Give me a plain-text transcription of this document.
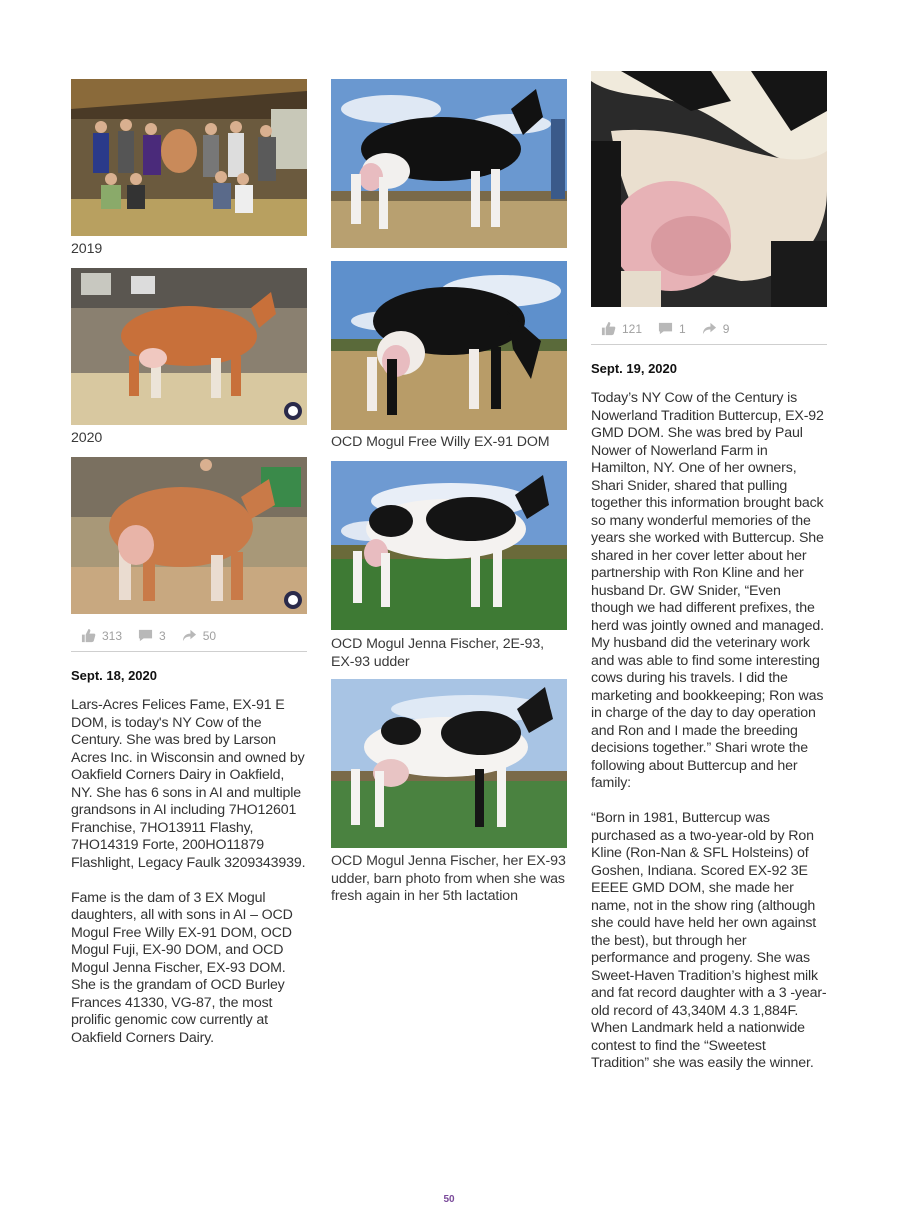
2019
2020
313	3	50
Sept. 18, 2020

Lars-Acres Felices Fame, EX-91 E DOM, is today's NY Cow of the Century. She was bred by Larson Acres Inc. in Wisconsin and owned by Oakfield Corners Dairy in Oakfield, NY. She has 6 sons in AI and multiple grandsons in AI including 7HO12601 Franchise, 7HO13911 Flashy, 7HO14319 Forte, 200HO11879 Flashlight, Legacy Faulk 3209343939.

Fame is the dam of 3 EX Mogul daughters, all with sons in AI – OCD Mogul Free Willy EX-91 DOM, OCD Mogul Fuji, EX-90 DOM, and OCD Mogul Jenna Fischer, EX-93 DOM. She is the grandam of OCD Burley Frances 41330, VG-87, the most prolific genomic cow currently at Oakfield Corners Dairy.

OCD Mogul Free Willy EX-91 DOM
OCD Mogul Jenna Fischer, 2E-93, EX-93 udder
OCD Mogul Jenna Fischer, her EX-93 udder, barn photo from when she was fresh again in her 5th lactation
121	1	9
Sept. 19, 2020

Today’s NY Cow of the Century is Nowerland Tradition Buttercup, EX-92 GMD DOM. She was bred by Paul Nower of Nowerland Farm in Hamilton, NY. One of her owners, Shari Snider, shared that pulling together this information brought back so many wonderful memories of the years she worked with Buttercup. She shared in her cover letter about her partnership with Ron Kline and her husband Dr. GW Snider, “Even though we had different prefixes, the herd was jointly owned and managed. My husband did the veterinary work and was able to find some interesting cows during his travels. I did the marketing and bookkeeping; Ron was in charge of the day to day operation and Ron and I made the breeding decisions together.” Shari wrote the following about Buttercup and her family:

“Born in 1981, Buttercup was purchased as a two-year-old by Ron Kline (Ron-Nan & SFL Holsteins) of Goshen, Indiana. Scored EX-92 3E EEEE GMD DOM, she made her name, not in the show ring (although she could have held her own against the best), but through her performance and progeny. She was Sweet-Haven Tradition’s highest milk and fat record daughter with a 3 -year-old record of 43,340M 4.3 1,884F. When Landmark held a nationwide contest to find the “Sweetest Tradition” she was easily the winner.

50
